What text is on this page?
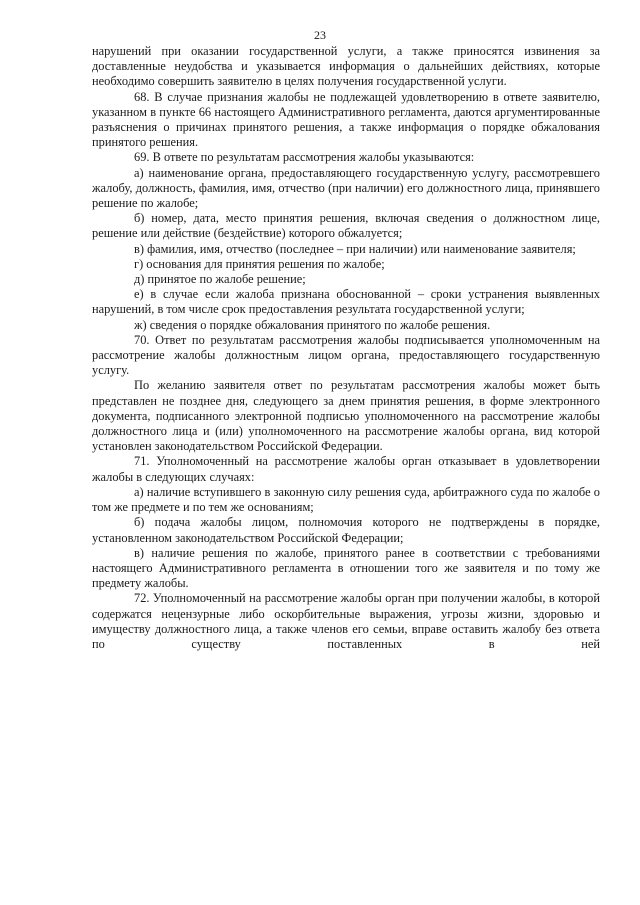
23

нарушений при оказании государственной услуги, а также приносятся извинения за доставленные неудобства и указывается информация о дальнейших действиях, которые необходимо совершить заявителю в целях получения государственной услуги.

68. В случае признания жалобы не подлежащей удовлетворению в ответе заявителю, указанном в пункте 66 настоящего Административного регламента, даются аргументированные разъяснения о причинах принятого решения, а также информация о порядке обжалования принятого решения.

69. В ответе по результатам рассмотрения жалобы указываются:

а) наименование органа, предоставляющего государственную услугу, рассмотревшего жалобу, должность, фамилия, имя, отчество (при наличии) его должностного лица, принявшего решение по жалобе;

б) номер, дата, место принятия решения, включая сведения о должностном лице, решение или действие (бездействие) которого обжалуется;

в) фамилия, имя, отчество (последнее – при наличии) или наименование заявителя;

г) основания для принятия решения по жалобе;

д) принятое по жалобе решение;

е) в случае если жалоба признана обоснованной – сроки устранения выявленных нарушений, в том числе срок предоставления результата государственной услуги;

ж) сведения о порядке обжалования принятого по жалобе решения.

70. Ответ по результатам рассмотрения жалобы подписывается уполномоченным на рассмотрение жалобы должностным лицом органа, предоставляющего государственную услугу.

По желанию заявителя ответ по результатам рассмотрения жалобы может быть представлен не позднее дня, следующего за днем принятия решения, в форме электронного документа, подписанного электронной подписью уполномоченного на рассмотрение жалобы должностного лица и (или) уполномоченного на рассмотрение жалобы органа, вид которой установлен законодательством Российской Федерации.

71. Уполномоченный на рассмотрение жалобы орган отказывает в удовлетворении жалобы в следующих случаях:

а) наличие вступившего в законную силу решения суда, арбитражного суда по жалобе о том же предмете и по тем же основаниям;

б) подача жалобы лицом, полномочия которого не подтверждены в порядке, установленном законодательством Российской Федерации;

в) наличие решения по жалобе, принятого ранее в соответствии с требованиями настоящего Административного регламента в отношении того же заявителя и по тому же предмету жалобы.

72. Уполномоченный на рассмотрение жалобы орган при получении жалобы, в которой содержатся нецензурные либо оскорбительные выражения, угрозы жизни, здоровью и имуществу должностного лица, а также членов его семьи, вправе оставить жалобу без ответа по существу поставленных в ней
